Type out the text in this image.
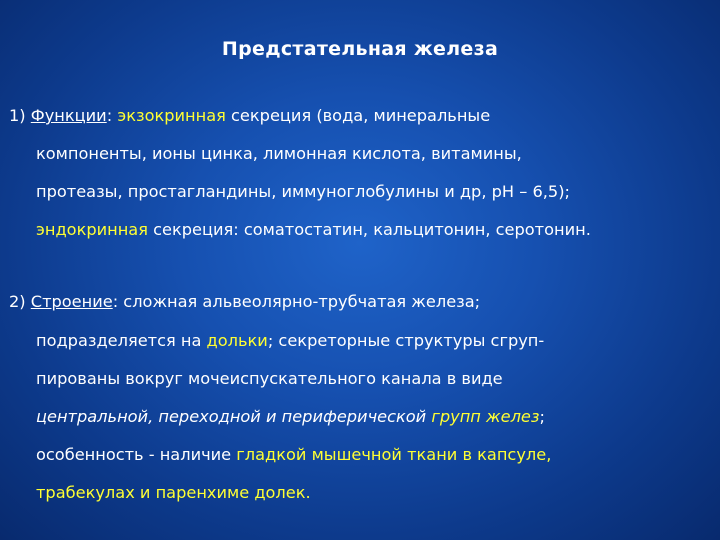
Предстательная железа
1) Функции: экзокринная секреция (вода, минеральные
компоненты, ионы цинка, лимонная кислота, витамины,
протеазы, простагландины, иммуноглобулины и др, pH – 6,5);
эндокринная секреция: соматостатин, кальцитонин, серотонин.
2) Строение: сложная альвеолярно-трубчатая железа;
подразделяется на дольки; секреторные структуры сгруп-
пированы вокруг мочеиспускательного канала в виде
центральной, переходной и периферической групп желез;
особенность - наличие гладкой мышечной ткани в капсуле,
трабекулах и паренхиме долек.
